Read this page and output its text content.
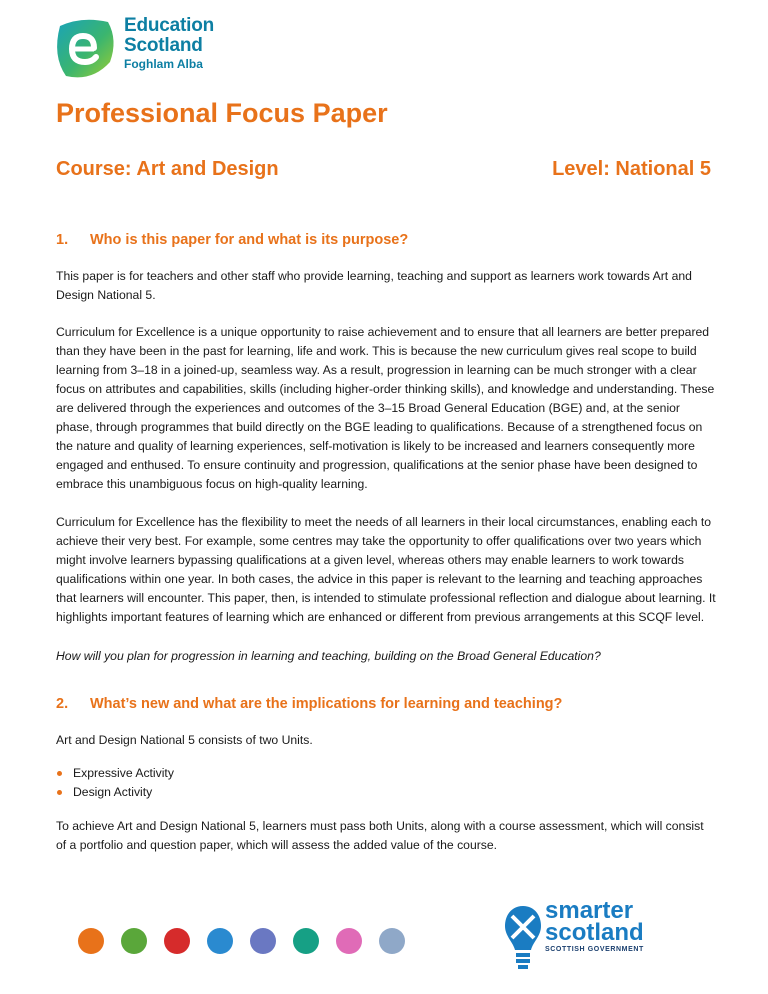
Education
Scotland
Foghlam Alba
Professional Focus Paper

Course: Art and Design	Level: National 5

1. Who is this paper for and what is its purpose?

This paper is for teachers and other staff who provide learning, teaching and support as learners work towards Art and Design National 5.

Curriculum for Excellence is a unique opportunity to raise achievement and to ensure that all learners are better prepared than they have been in the past for learning, life and work. This is because the new curriculum gives real scope to build learning from 3–18 in a joined-up, seamless way. As a result, progression in learning can be much stronger with a clear focus on attributes and capabilities, skills (including higher-order thinking skills), and knowledge and understanding. These are delivered through the experiences and outcomes of the 3–15 Broad General Education (BGE) and, at the senior phase, through programmes that build directly on the BGE leading to qualifications. Because of a strengthened focus on the nature and quality of learning experiences, self-motivation is likely to be increased and learners consequently more engaged and enthused. To ensure continuity and progression, qualifications at the senior phase have been designed to embrace this unambiguous focus on high-quality learning.

Curriculum for Excellence has the flexibility to meet the needs of all learners in their local circumstances, enabling each to achieve their very best. For example, some centres may take the opportunity to offer qualifications over two years which might involve learners bypassing qualifications at a given level, whereas others may enable learners to work towards qualifications within one year. In both cases, the advice in this paper is relevant to the learning and teaching approaches that learners will encounter. This paper, then, is intended to stimulate professional reflection and dialogue about learning. It highlights important features of learning which are enhanced or different from previous arrangements at this SCQF level.

How will you plan for progression in learning and teaching, building on the Broad General Education?

2. What’s new and what are the implications for learning and teaching?

Art and Design National 5 consists of two Units.

Expressive Activity
Design Activity

To achieve Art and Design National 5, learners must pass both Units, along with a course assessment, which will consist of a portfolio and question paper, which will assess the added value of the course.

smarter
scotland
SCOTTISH GOVERNMENT
